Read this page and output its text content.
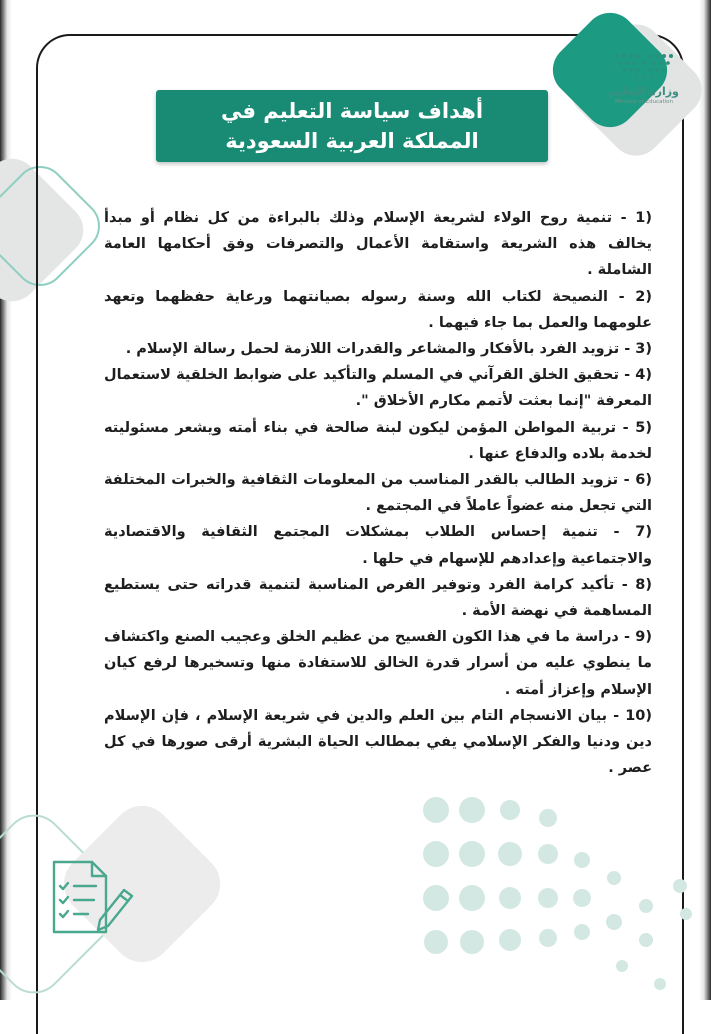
وزارة التعليم
Ministry of Education
أهداف سياسة التعليم في
المملكة العربية السعودية

1) - تنمية روح الولاء لشريعة الإسلام وذلك بالبراءة من كل نظام أو مبدأ يخالف هذه الشريعة واستقامة الأعمال والتصرفات وفق أحكامها العامة الشاملة .

2) - النصيحة لكتاب الله وسنة رسوله بصيانتهما ورعاية حفظهما وتعهد علومهما والعمل بما جاء فيهما .

3) - تزويد الفرد بالأفكار والمشاعر والقدرات اللازمة لحمل رسالة الإسلام .

4) - تحقيق الخلق القرآني في المسلم والتأكيد على ضوابط الخلقية لاستعمال المعرفة "إنما بعثت لأتمم مكارم الأخلاق ".

5) - تربية المواطن المؤمن ليكون لبنة صالحة في بناء أمته ويشعر مسئوليته لخدمة بلاده والدفاع عنها .

6) - تزويد الطالب بالقدر المناسب من المعلومات الثقافية والخبرات المختلفة التي تجعل منه عضواً عاملاً في المجتمع .

7) - تنمية إحساس الطلاب بمشكلات المجتمع الثقافية والاقتصادية والاجتماعية وإعدادهم للإسهام في حلها .

8) - تأكيد كرامة الفرد وتوفير الفرص المناسبة لتنمية قدراته حتى يستطيع المساهمة في نهضة الأمة .

9) - دراسة ما في هذا الكون الفسيح من عظيم الخلق وعجيب الصنع واكتشاف ما ينطوي عليه من أسرار قدرة الخالق للاستفادة منها وتسخيرها لرفع كيان الإسلام وإعزاز أمته .

10) - بيان الانسجام التام بين العلم والدين في شريعة الإسلام ، فإن الإسلام دين ودنيا والفكر الإسلامي يفي بمطالب الحياة البشرية أرقى صورها في كل عصر .
